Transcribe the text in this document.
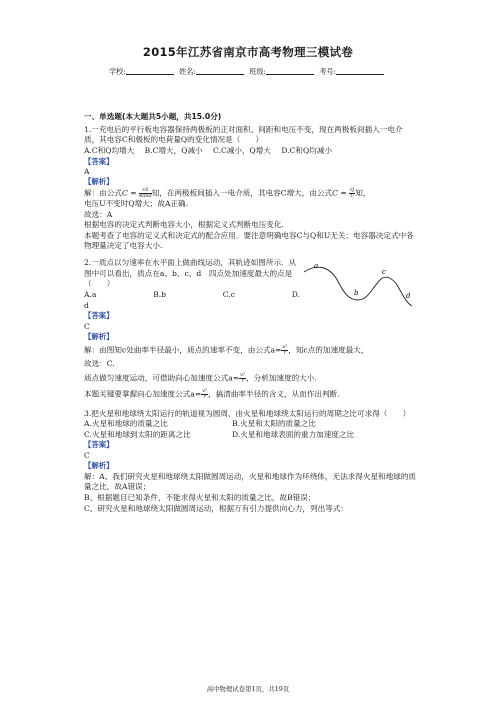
2015年江苏省南京市高考物理三模试卷
学校:	姓名:	班级:	考号:

一、单选题(本大题共5小题，共15.0分)

1.一充电后的平行板电容器保持两极板的正对面积、间距和电压不变，现在两极板间插入一电介质，其电容C和极板的电荷量Q的变化情况是（　　）

A.C和Q均增大 B.C增大，Q减小 C.C减小，Q增大 D.C和Q均减小

【答案】

A

【解析】

解：由公式$C = \frac{\varepsilon S}{\text{4πkd}}$ 知，在两极板间插入一电介质，其电容C增大，由公式$C = \frac{Q}{U}$ 知，

电压U不变时Q增大；故A正确.

故选：A

根据电容的决定式判断电容大小，根据定义式判断电压变化.

本题考查了电容的定义式和决定式的配合应用．要注意明确电容C与Q和U无关；电容器决定式中各物理量决定了电容大小.

2.一质点以匀速率在水平面上做曲线运动，其轨迹如图所示．从图中可以看出，质点在a、b、c、d　四点处加速度最大的点是（　　）

A.a	B.b	C.c	D.

d

a
b
c
d

【答案】

C

【解析】

解：由图知c处曲率半径最小，质点的速率不变，由公式$a= \frac{\text{v²}}{r}$ ，知c点的加速度最大，

故选：C.

质点做匀速度运动，可借助向心加速度公式$a= \frac{\text{v²}}{r}$ ，分析加速度的大小.

本题关键要掌握向心加速度公式$a= \frac{\text{v²}}{r}$ ，搞清曲率半径的含义，从而作出判断.

3.把火星和地球绕太阳运行的轨道视为圆周，由火星和地球绕太阳运行的周期之比可求得（　　）

A.火星和地球的质量之比	B.火星和太阳的质量之比
C.火星和地球到太阳的距离之比	D.火星和地球表面的重力加速度之比

【答案】

C

【解析】

解：A、我们研究火星和地球绕太阳做圆周运动，火星和地球作为环绕体，无法求得火星和地球的质量之比，故A错误；

B、根据题目已知条件，不能求得火星和太阳的质量之比，故B错误；

C、研究火星和地球绕太阳做圆周运动，根据万有引力提供向心力，列出等式：

高中物理试卷第1页，共19页
